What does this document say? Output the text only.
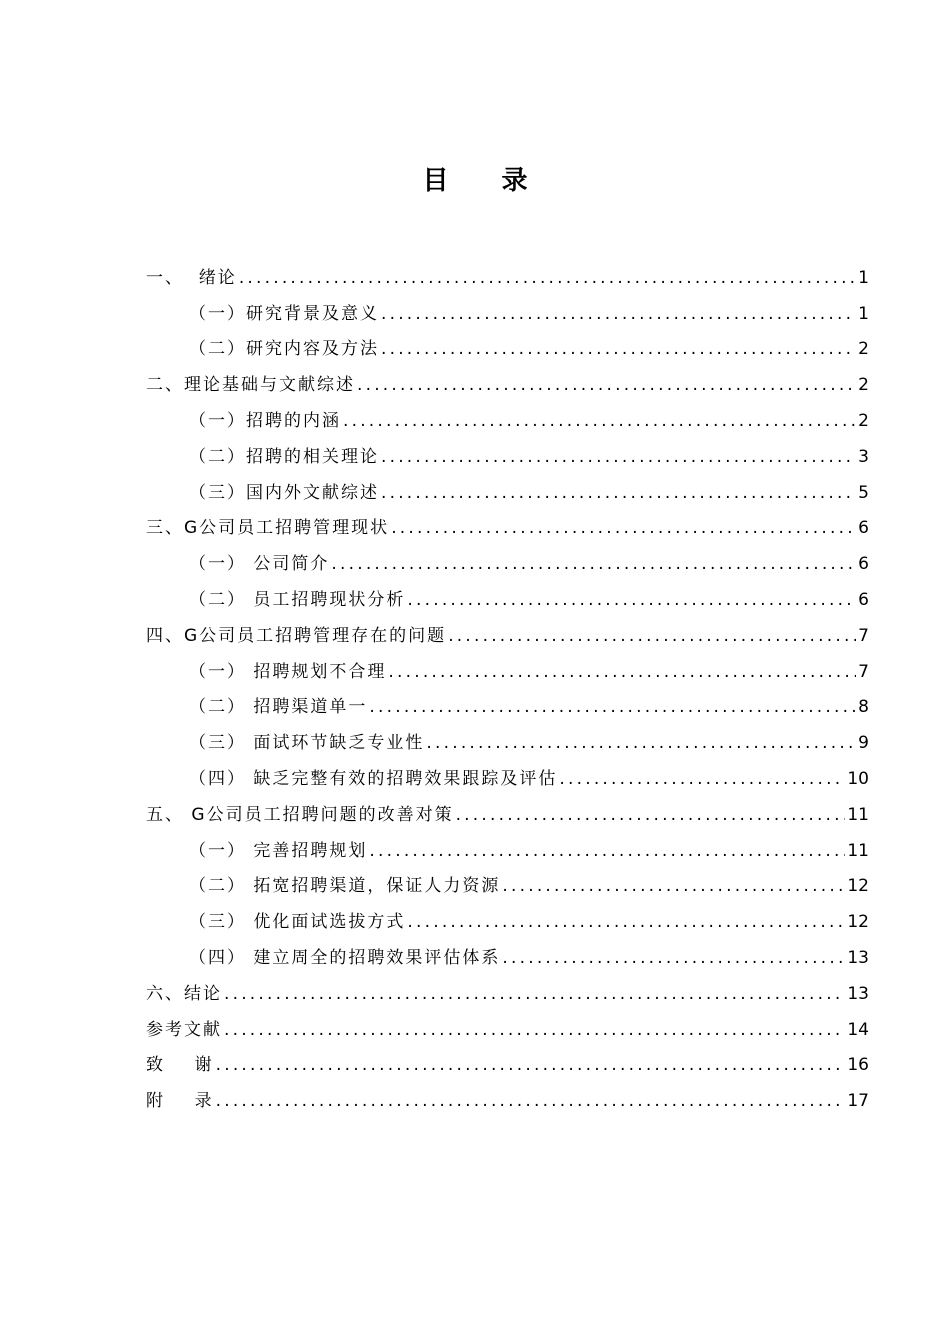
目 录
一、  绪论 .....	1
（一）研究背景及意义 .....	1
（二）研究内容及方法 .....	2
二、理论基础与文献综述 .....	2
（一）招聘的内涵 .....	2
（二）招聘的相关理论 .....	3
（三）国内外文献综述 .....	5
三、G公司员工招聘管理现状 .....	6
（一） 公司简介 .....	6
（二） 员工招聘现状分析 .....	6
四、G公司员工招聘管理存在的问题 .....	7
（一） 招聘规划不合理 .....	7
（二） 招聘渠道单一 .....	8
（三） 面试环节缺乏专业性 .....	9
（四） 缺乏完整有效的招聘效果跟踪及评估 .....	10
五、 G公司员工招聘问题的改善对策 .....	11
（一） 完善招聘规划 .....	11
（二） 拓宽招聘渠道，保证人力资源 .....	12
（三） 优化面试选拔方式 .....	12
（四） 建立周全的招聘效果评估体系 .....	13
六、结论 .....	13
参考文献 .....	14
致    谢 .....	16
附    录 .....	17
